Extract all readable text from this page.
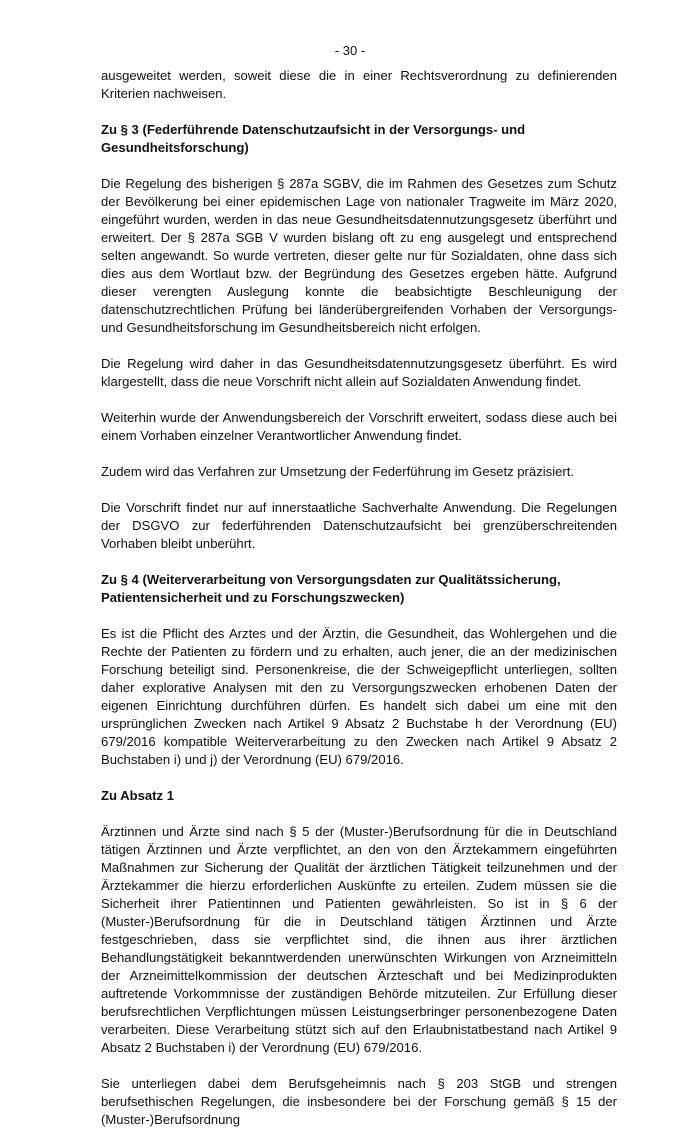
- 30 -

ausgeweitet werden, soweit diese die in einer Rechtsverordnung zu definierenden Kriterien nachweisen.

Zu § 3 (Federführende Datenschutzaufsicht in der Versorgungs- und Gesundheitsforschung)

Die Regelung des bisherigen § 287a SGBV, die im Rahmen des Gesetzes zum Schutz der Bevölkerung bei einer epidemischen Lage von nationaler Tragweite im März 2020, eingeführt wurden, werden in das neue Gesundheitsdatennutzungsgesetz überführt und erweitert. Der § 287a SGB V wurden bislang oft zu eng ausgelegt und entsprechend selten angewandt. So wurde vertreten, dieser gelte nur für Sozialdaten, ohne dass sich dies aus dem Wortlaut bzw. der Begründung des Gesetzes ergeben hätte. Aufgrund dieser verengten Auslegung konnte die beabsichtigte Beschleunigung der datenschutzrechtlichen Prüfung bei länderübergreifenden Vorhaben der Versorgungs- und Gesundheitsforschung im Gesundheitsbereich nicht erfolgen.

Die Regelung wird daher in das Gesundheitsdatennutzungsgesetz überführt. Es wird klargestellt, dass die neue Vorschrift nicht allein auf Sozialdaten Anwendung findet.

Weiterhin wurde der Anwendungsbereich der Vorschrift erweitert, sodass diese auch bei einem Vorhaben einzelner Verantwortlicher Anwendung findet.

Zudem wird das Verfahren zur Umsetzung der Federführung im Gesetz präzisiert.

Die Vorschrift findet nur auf innerstaatliche Sachverhalte Anwendung. Die Regelungen der DSGVO zur federführenden Datenschutzaufsicht bei grenzüberschreitenden Vorhaben bleibt unberührt.

Zu § 4 (Weiterverarbeitung von Versorgungsdaten zur Qualitätssicherung, Patientensicherheit und zu Forschungszwecken)

Es ist die Pflicht des Arztes und der Ärztin, die Gesundheit, das Wohlergehen und die Rechte der Patienten zu fördern und zu erhalten, auch jener, die an der medizinischen Forschung beteiligt sind. Personenkreise, die der Schweigepflicht unterliegen, sollten daher explorative Analysen mit den zu Versorgungszwecken erhobenen Daten der eigenen Einrichtung durchführen dürfen. Es handelt sich dabei um eine mit den ursprünglichen Zwecken nach Artikel 9 Absatz 2 Buchstabe h der Verordnung (EU) 679/2016 kompatible Weiterverarbeitung zu den Zwecken nach Artikel 9 Absatz 2 Buchstaben i) und j) der Verordnung (EU) 679/2016.

Zu Absatz 1

Ärztinnen und Ärzte sind nach § 5 der (Muster-)Berufsordnung für die in Deutschland tätigen Ärztinnen und Ärzte verpflichtet, an den von den Ärztekammern eingeführten Maßnahmen zur Sicherung der Qualität der ärztlichen Tätigkeit teilzunehmen und der Ärztekammer die hierzu erforderlichen Auskünfte zu erteilen. Zudem müssen sie die Sicherheit ihrer Patientinnen und Patienten gewährleisten. So ist in § 6 der (Muster-)Berufsordnung für die in Deutschland tätigen Ärztinnen und Ärzte festgeschrieben, dass sie verpflichtet sind, die ihnen aus ihrer ärztlichen Behandlungstätigkeit bekanntwerdenden unerwünschten Wirkungen von Arzneimitteln der Arzneimittelkommission der deutschen Ärzteschaft und bei Medizinprodukten auftretende Vorkommnisse der zuständigen Behörde mitzuteilen. Zur Erfüllung dieser berufsrechtlichen Verpflichtungen müssen Leistungserbringer personenbezogene Daten verarbeiten. Diese Verarbeitung stützt sich auf den Erlaubnistatbestand nach Artikel 9 Absatz 2 Buchstaben i) der Verordnung (EU) 679/2016.

Sie unterliegen dabei dem Berufsgeheimnis nach § 203 StGB und strengen berufsethischen Regelungen, die insbesondere bei der Forschung gemäß § 15 der (Muster-)Berufsordnung
